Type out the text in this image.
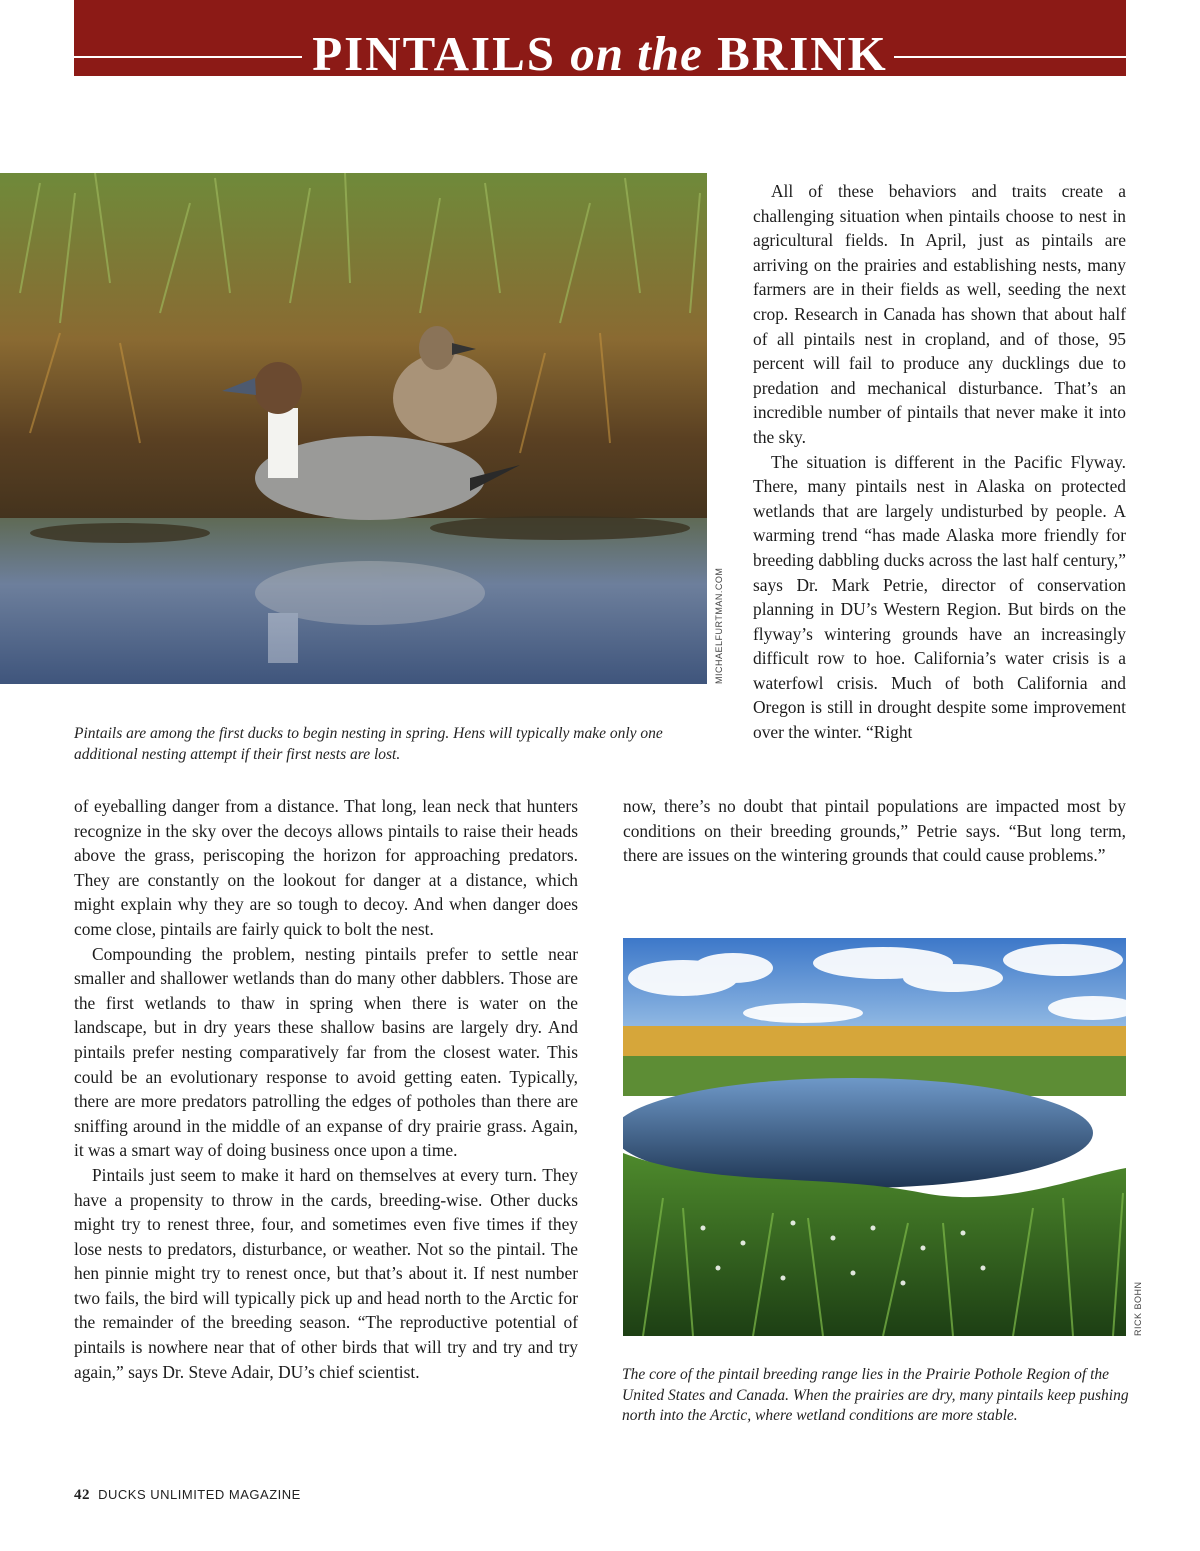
PINTAILS on the BRINK
MICHAELFURTMAN.COM

Pintails are among the first ducks to begin nesting in spring. Hens will typically make only one additional nesting attempt if their first nests are lost.

All of these behaviors and traits create a challenging situation when pintails choose to nest in agricultural fields. In April, just as pintails are arriving on the prairies and establishing nests, many farmers are in their fields as well, seeding the next crop. Research in Canada has shown that about half of all pintails nest in cropland, and of those, 95 percent will fail to produce any ducklings due to predation and mechanical disturbance. That’s an incredible number of pintails that never make it into the sky.

The situation is different in the Pacific Flyway. There, many pintails nest in Alaska on protected wetlands that are largely undisturbed by people. A warming trend “has made Alaska more friendly for breeding dabbling ducks across the last half century,” says Dr. Mark Petrie, director of conservation planning in DU’s Western Region. But birds on the flyway’s wintering grounds have an increasingly difficult row to hoe. California’s water crisis is a waterfowl crisis. Much of both California and Oregon is still in drought despite some improvement over the winter. “Right

now, there’s no doubt that pintail populations are impacted most by conditions on their breeding grounds,” Petrie says. “But long term, there are issues on the wintering grounds that could cause problems.”

of eyeballing danger from a distance. That long, lean neck that hunters recognize in the sky over the decoys allows pintails to raise their heads above the grass, periscoping the horizon for approaching predators. They are constantly on the lookout for danger at a distance, which might explain why they are so tough to decoy. And when danger does come close, pintails are fairly quick to bolt the nest.

Compounding the problem, nesting pintails prefer to settle near smaller and shallower wetlands than do many other dabblers. Those are the first wetlands to thaw in spring when there is water on the landscape, but in dry years these shallow basins are largely dry. And pintails prefer nesting comparatively far from the closest water. This could be an evolutionary response to avoid getting eaten. Typically, there are more predators patrolling the edges of potholes than there are sniffing around in the middle of an expanse of dry prairie grass. Again, it was a smart way of doing business once upon a time.

Pintails just seem to make it hard on themselves at every turn. They have a propensity to throw in the cards, breeding-wise. Other ducks might try to renest three, four, and sometimes even five times if they lose nests to predators, disturbance, or weather. Not so the pintail. The hen pinnie might try to renest once, but that’s about it. If nest number two fails, the bird will typically pick up and head north to the Arctic for the remainder of the breeding season. “The reproductive potential of pintails is nowhere near that of other birds that will try and try and try again,” says Dr. Steve Adair, DU’s chief scientist.

RICK BOHN

The core of the pintail breeding range lies in the Prairie Pothole Region of the United States and Canada. When the prairies are dry, many pintails keep pushing north into the Arctic, where wetland conditions are more stable.

42 DUCKS UNLIMITED MAGAZINE
